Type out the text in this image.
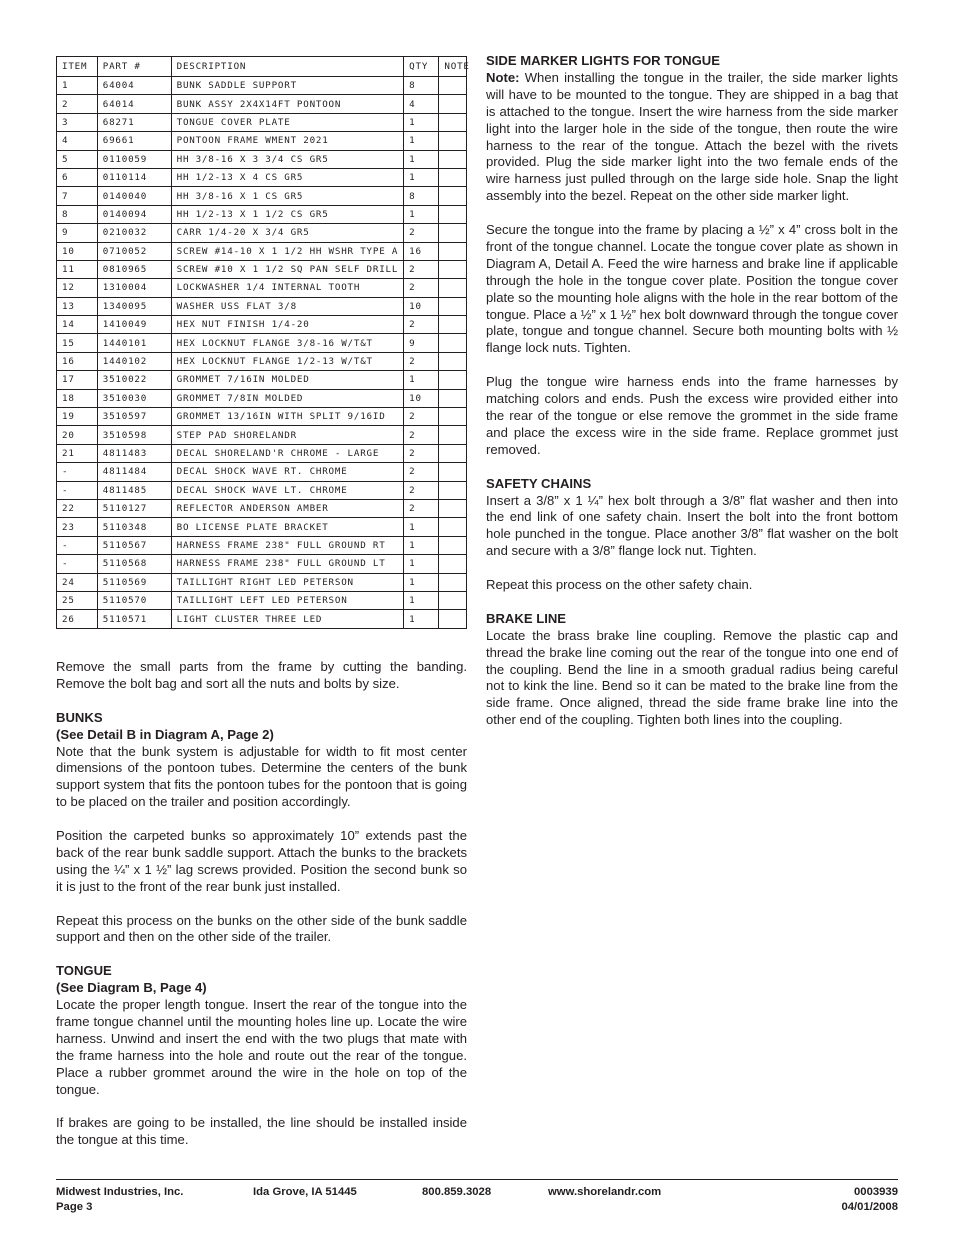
ITEM	PART #	DESCRIPTION	QTY	NOTE
1	64004	BUNK SADDLE SUPPORT	8	
2	64014	BUNK ASSY 2X4X14FT PONTOON	4	
3	68271	TONGUE COVER PLATE	1	
4	69661	PONTOON FRAME WMENT 2021	1	
5	0110059	HH 3/8-16 X 3 3/4 CS GR5	1	
6	0110114	HH 1/2-13 X 4 CS GR5	1	
7	0140040	HH 3/8-16 X 1 CS GR5	8	
8	0140094	HH 1/2-13 X 1 1/2 CS GR5	1	
9	0210032	CARR 1/4-20 X 3/4 GR5	2	
10	0710052	SCREW #14-10 X 1 1/2 HH WSHR TYPE A	16	
11	0810965	SCREW #10 X 1 1/2 SQ PAN SELF DRILL	2	
12	1310004	LOCKWASHER 1/4 INTERNAL TOOTH	2	
13	1340095	WASHER USS FLAT 3/8	10	
14	1410049	HEX NUT FINISH 1/4-20	2	
15	1440101	HEX LOCKNUT FLANGE 3/8-16 W/T&T	9	
16	1440102	HEX LOCKNUT FLANGE 1/2-13 W/T&T	2	
17	3510022	GROMMET 7/16IN MOLDED	1	
18	3510030	GROMMET 7/8IN MOLDED	10	
19	3510597	GROMMET 13/16IN WITH SPLIT 9/16ID	2	
20	3510598	STEP PAD SHORELANDR	2	
21	4811483	DECAL SHORELAND'R CHROME - LARGE	2	
-	4811484	DECAL SHOCK WAVE RT. CHROME	2	
-	4811485	DECAL SHOCK WAVE LT. CHROME	2	
22	5110127	REFLECTOR ANDERSON AMBER	2	
23	5110348	BO LICENSE PLATE BRACKET	1	
-	5110567	HARNESS FRAME 238" FULL GROUND RT	1	
-	5110568	HARNESS FRAME 238" FULL GROUND LT	1	
24	5110569	TAILLIGHT RIGHT LED PETERSON	1	
25	5110570	TAILLIGHT LEFT LED PETERSON	1	
26	5110571	LIGHT CLUSTER THREE LED	1	

Remove the small parts from the frame by cutting the banding. Remove the bolt bag and sort all the nuts and bolts by size.

BUNKS
(See Detail B in Diagram A, Page 2)

Note that the bunk system is adjustable for width to fit most center dimensions of the pontoon tubes. Determine the centers of the bunk support system that fits the pontoon tubes for the pontoon that is going to be placed on the trailer and position accordingly.

Position the carpeted bunks so approximately 10” extends past the back of the rear bunk saddle support. Attach the bunks to the brackets using the ¼” x 1 ½” lag screws provided. Position the second bunk so it is just to the front of the rear bunk just installed.

Repeat this process on the bunks on the other side of the bunk saddle support and then on the other side of the trailer.

TONGUE
(See Diagram B, Page 4)

Locate the proper length tongue. Insert the rear of the tongue into the frame tongue channel until the mounting holes line up. Locate the wire harness. Unwind and insert the end with the two plugs that mate with the frame harness into the hole and route out the rear of the tongue. Place a rubber grommet around the wire in the hole on top of the tongue.

If brakes are going to be installed, the line should be installed inside the tongue at this time.

SIDE MARKER LIGHTS FOR TONGUE

Note: When installing the tongue in the trailer, the side marker lights will have to be mounted to the tongue. They are shipped in a bag that is attached to the tongue. Insert the wire harness from the side marker light into the larger hole in the side of the tongue, then route the wire harness to the rear of the tongue. Attach the bezel with the rivets provided. Plug the side marker light into the two female ends of the wire harness just pulled through on the large side hole. Snap the light assembly into the bezel. Repeat on the other side marker light.

Secure the tongue into the frame by placing a ½” x 4” cross bolt in the front of the tongue channel. Locate the tongue cover plate as shown in Diagram A, Detail A. Feed the wire harness and brake line if applicable through the hole in the tongue cover plate. Position the tongue cover plate so the mounting hole aligns with the hole in the rear bottom of the tongue. Place a ½” x 1 ½” hex bolt downward through the tongue cover plate, tongue and tongue channel. Secure both mounting bolts with ½ flange lock nuts. Tighten.

Plug the tongue wire harness ends into the frame harnesses by matching colors and ends. Push the excess wire provided either into the rear of the tongue or else remove the grommet in the side frame and place the excess wire in the side frame. Replace grommet just removed.

SAFETY CHAINS

Insert a 3/8” x 1 ¼” hex bolt through a 3/8” flat washer and then into the end link of one safety chain. Insert the bolt into the front bottom hole punched in the tongue. Place another 3/8” flat washer on the bolt and secure with a 3/8” flange lock nut. Tighten.

Repeat this process on the other safety chain.

BRAKE LINE

Locate the brass brake line coupling. Remove the plastic cap and thread the brake line coming out the rear of the tongue into one end of the coupling. Bend the line in a smooth gradual radius being careful not to kink the line. Bend so it can be mated to the brake line from the side frame. Once aligned, thread the side frame brake line into the other end of the coupling. Tighten both lines into the coupling.

Midwest Industries, Inc.
Page 3
Ida Grove, IA 51445	800.859.3028	www.shorelandr.com	0003939
04/01/2008
